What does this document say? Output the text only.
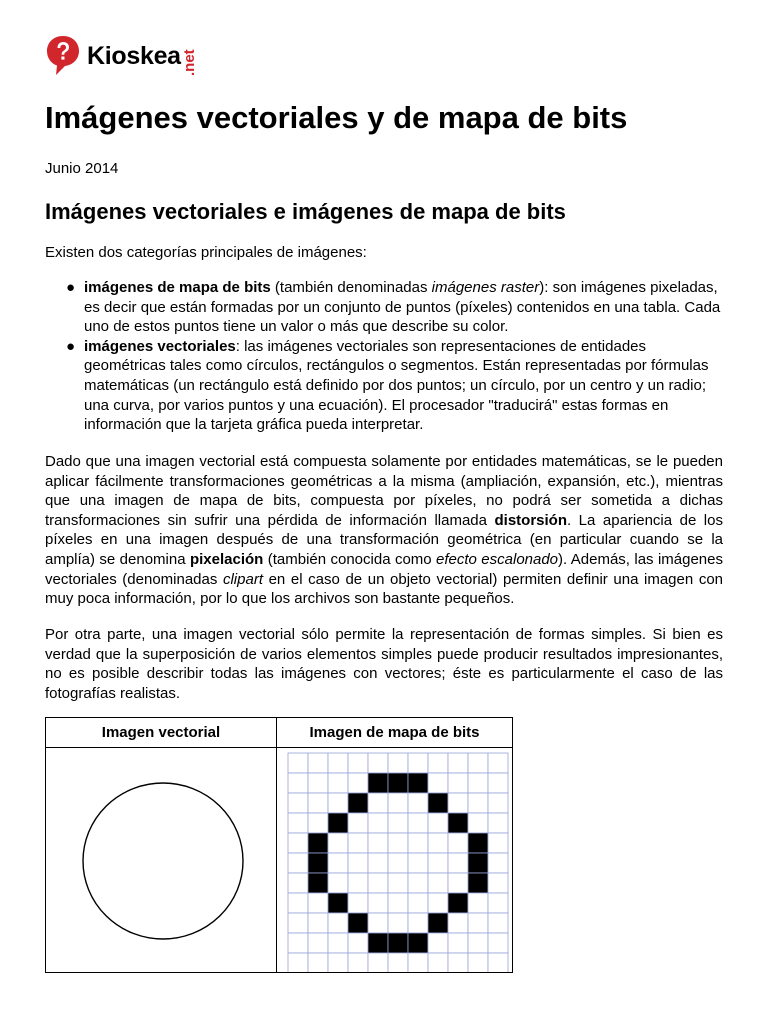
Kioskea .net
Imágenes vectoriales y de mapa de bits
Junio 2014
Imágenes vectoriales e imágenes de mapa de bits

Existen dos categorías principales de imágenes:

● imágenes de mapa de bits (también denominadas imágenes raster): son imágenes pixeladas, es decir que están formadas por un conjunto de puntos (píxeles) contenidos en una tabla. Cada uno de estos puntos tiene un valor o más que describe su color.
● imágenes vectoriales: las imágenes vectoriales son representaciones de entidades geométricas tales como círculos, rectángulos o segmentos. Están representadas por fórmulas matemáticas (un rectángulo está definido por dos puntos; un círculo, por un centro y un radio; una curva, por varios puntos y una ecuación). El procesador "traducirá" estas formas en información que la tarjeta gráfica pueda interpretar.

Dado que una imagen vectorial está compuesta solamente por entidades matemáticas, se le pueden aplicar fácilmente transformaciones geométricas a la misma (ampliación, expansión, etc.), mientras que una imagen de mapa de bits, compuesta por píxeles, no podrá ser sometida a dichas transformaciones sin sufrir una pérdida de información llamada distorsión. La apariencia de los píxeles en una imagen después de una transformación geométrica (en particular cuando se la amplía) se denomina pixelación (también conocida como efecto escalonado). Además, las imágenes vectoriales (denominadas clipart en el caso de un objeto vectorial) permiten definir una imagen con muy poca información, por lo que los archivos son bastante pequeños.

Por otra parte, una imagen vectorial sólo permite la representación de formas simples. Si bien es verdad que la superposición de varios elementos simples puede producir resultados impresionantes, no es posible describir todas las imágenes con vectores; éste es particularmente el caso de las fotografías realistas.

Imagen vectorial	Imagen de mapa de bits
